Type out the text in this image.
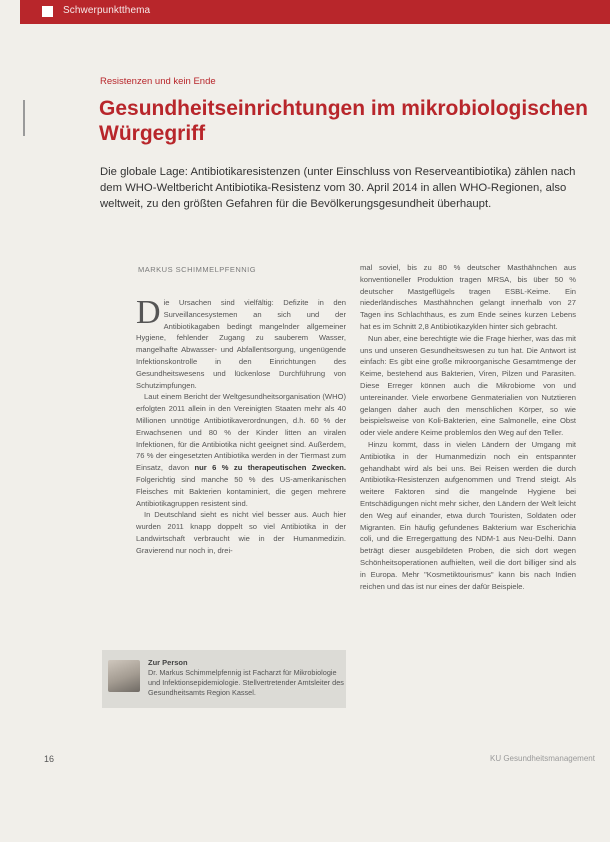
Schwerpunktthema
Resistenzen und kein Ende
Gesundheitseinrichtungen im mikrobiologischen Würgegriff

Die globale Lage: Antibiotikaresistenzen (unter Einschluss von Reserveantibiotika) zählen nach dem WHO-Weltbericht Antibiotika-Resistenz vom 30. April 2014 in allen WHO-Regionen, also weltweit, zu den größten Gefahren für die Bevölkerungsgesundheit überhaupt.

MARKUS SCHIMMELPFENNIG

Die Ursachen sind vielfältig: Defizite in den Surveillancesystemen an sich und der Antibiotikagaben bedingt mangelnder allgemeiner Hygiene, fehlender Zugang zu sauberem Wasser, mangelhafte Abwasser- und Abfallentsorgung, ungenügende Infektionskontrolle in den Einrichtungen des Gesundheitswesens und lückenlose Durchführung von Schutzimpfungen.

Laut einem Bericht der Weltgesundheitsorganisation (WHO) erfolgten 2011 allein in den Vereinigten Staaten mehr als 40 Millionen unnötige Antibiotikaverordnungen, d.h. 60 % der Erwachsenen und 80 % der Kinder litten an viralen Infektionen, für die Antibiotika nicht geeignet sind. Außerdem, 76 % der eingesetzten Antibiotika werden in der Tiermast zum Einsatz, davon nur 6 % zu therapeutischen Zwecken. Folgerichtig sind manche 50 % des US-amerikanischen Fleisches mit Bakterien kontaminiert, die gegen mehrere Antibiotikagruppen resistent sind.

In Deutschland sieht es nicht viel besser aus. Auch hier wurden 2011 knapp doppelt so viel Antibiotika in der Landwirtschaft verbraucht wie in der Humanmedizin. Gravierend nur noch in, drei-

mal soviel, bis zu 80 % deutscher Masthähnchen aus konventioneller Produktion tragen MRSA, bis über 50 % deutscher Mastgeflügels tragen ESBL-Keime. Ein niederländisches Masthähnchen gelangt innerhalb von 27 Tagen ins Schlachthaus, es zum Ende seines kurzen Lebens hat es im Schnitt 2,8 Antibiotikazyklen hinter sich gebracht.

Nun aber, eine berechtigte wie die Frage hierher, was das mit uns und unseren Gesundheitswesen zu tun hat. Die Antwort ist einfach: Es gibt eine große mikroorganische Gesamtmenge der Keime, bestehend aus Bakterien, Viren, Pilzen und Parasiten. Diese Erreger können auch die Mikrobiome von und untereinander. Viele erworbene Genmaterialien von Nutztieren gelangen daher auch den menschlichen Körper, so wie beispielsweise von Koli-Bakterien, eine Salmonelle, eine Obst oder viele andere Keime problemlos den Weg auf den Teller.

Hinzu kommt, dass in vielen Ländern der Umgang mit Antibiotika in der Humanmedizin noch ein entspannter gehandhabt wird als bei uns. Bei Reisen werden die durch Antibiotika-Resistenzen aufgenommen und Trend steigt. Als weitere Faktoren sind die mangelnde Hygiene bei Entschädigungen nicht mehr sicher, den Ländern der Welt leicht den Weg auf einander, etwa durch Touristen, Soldaten oder Migranten. Ein häufig gefundenes Bakterium war Escherichia coli, und die Erregergattung des NDM-1 aus Neu-Delhi. Dann beträgt dieser ausgebildeten Proben, die sich dort wegen Schönheitsoperationen aufhielten, weil die dort billiger sind als in Europa. Mehr "Kosmetiktourismus" kann bis nach Indien reichen und das ist nur eines der dafür Beispiele.

Zur Person

Dr. Markus Schimmelpfennig ist Facharzt für Mikrobiologie und Infektionsepidemiologie. Stellvertretender Amtsleiter des Gesundheitsamts Region Kassel.

16	KU Gesundheitsmanagement
